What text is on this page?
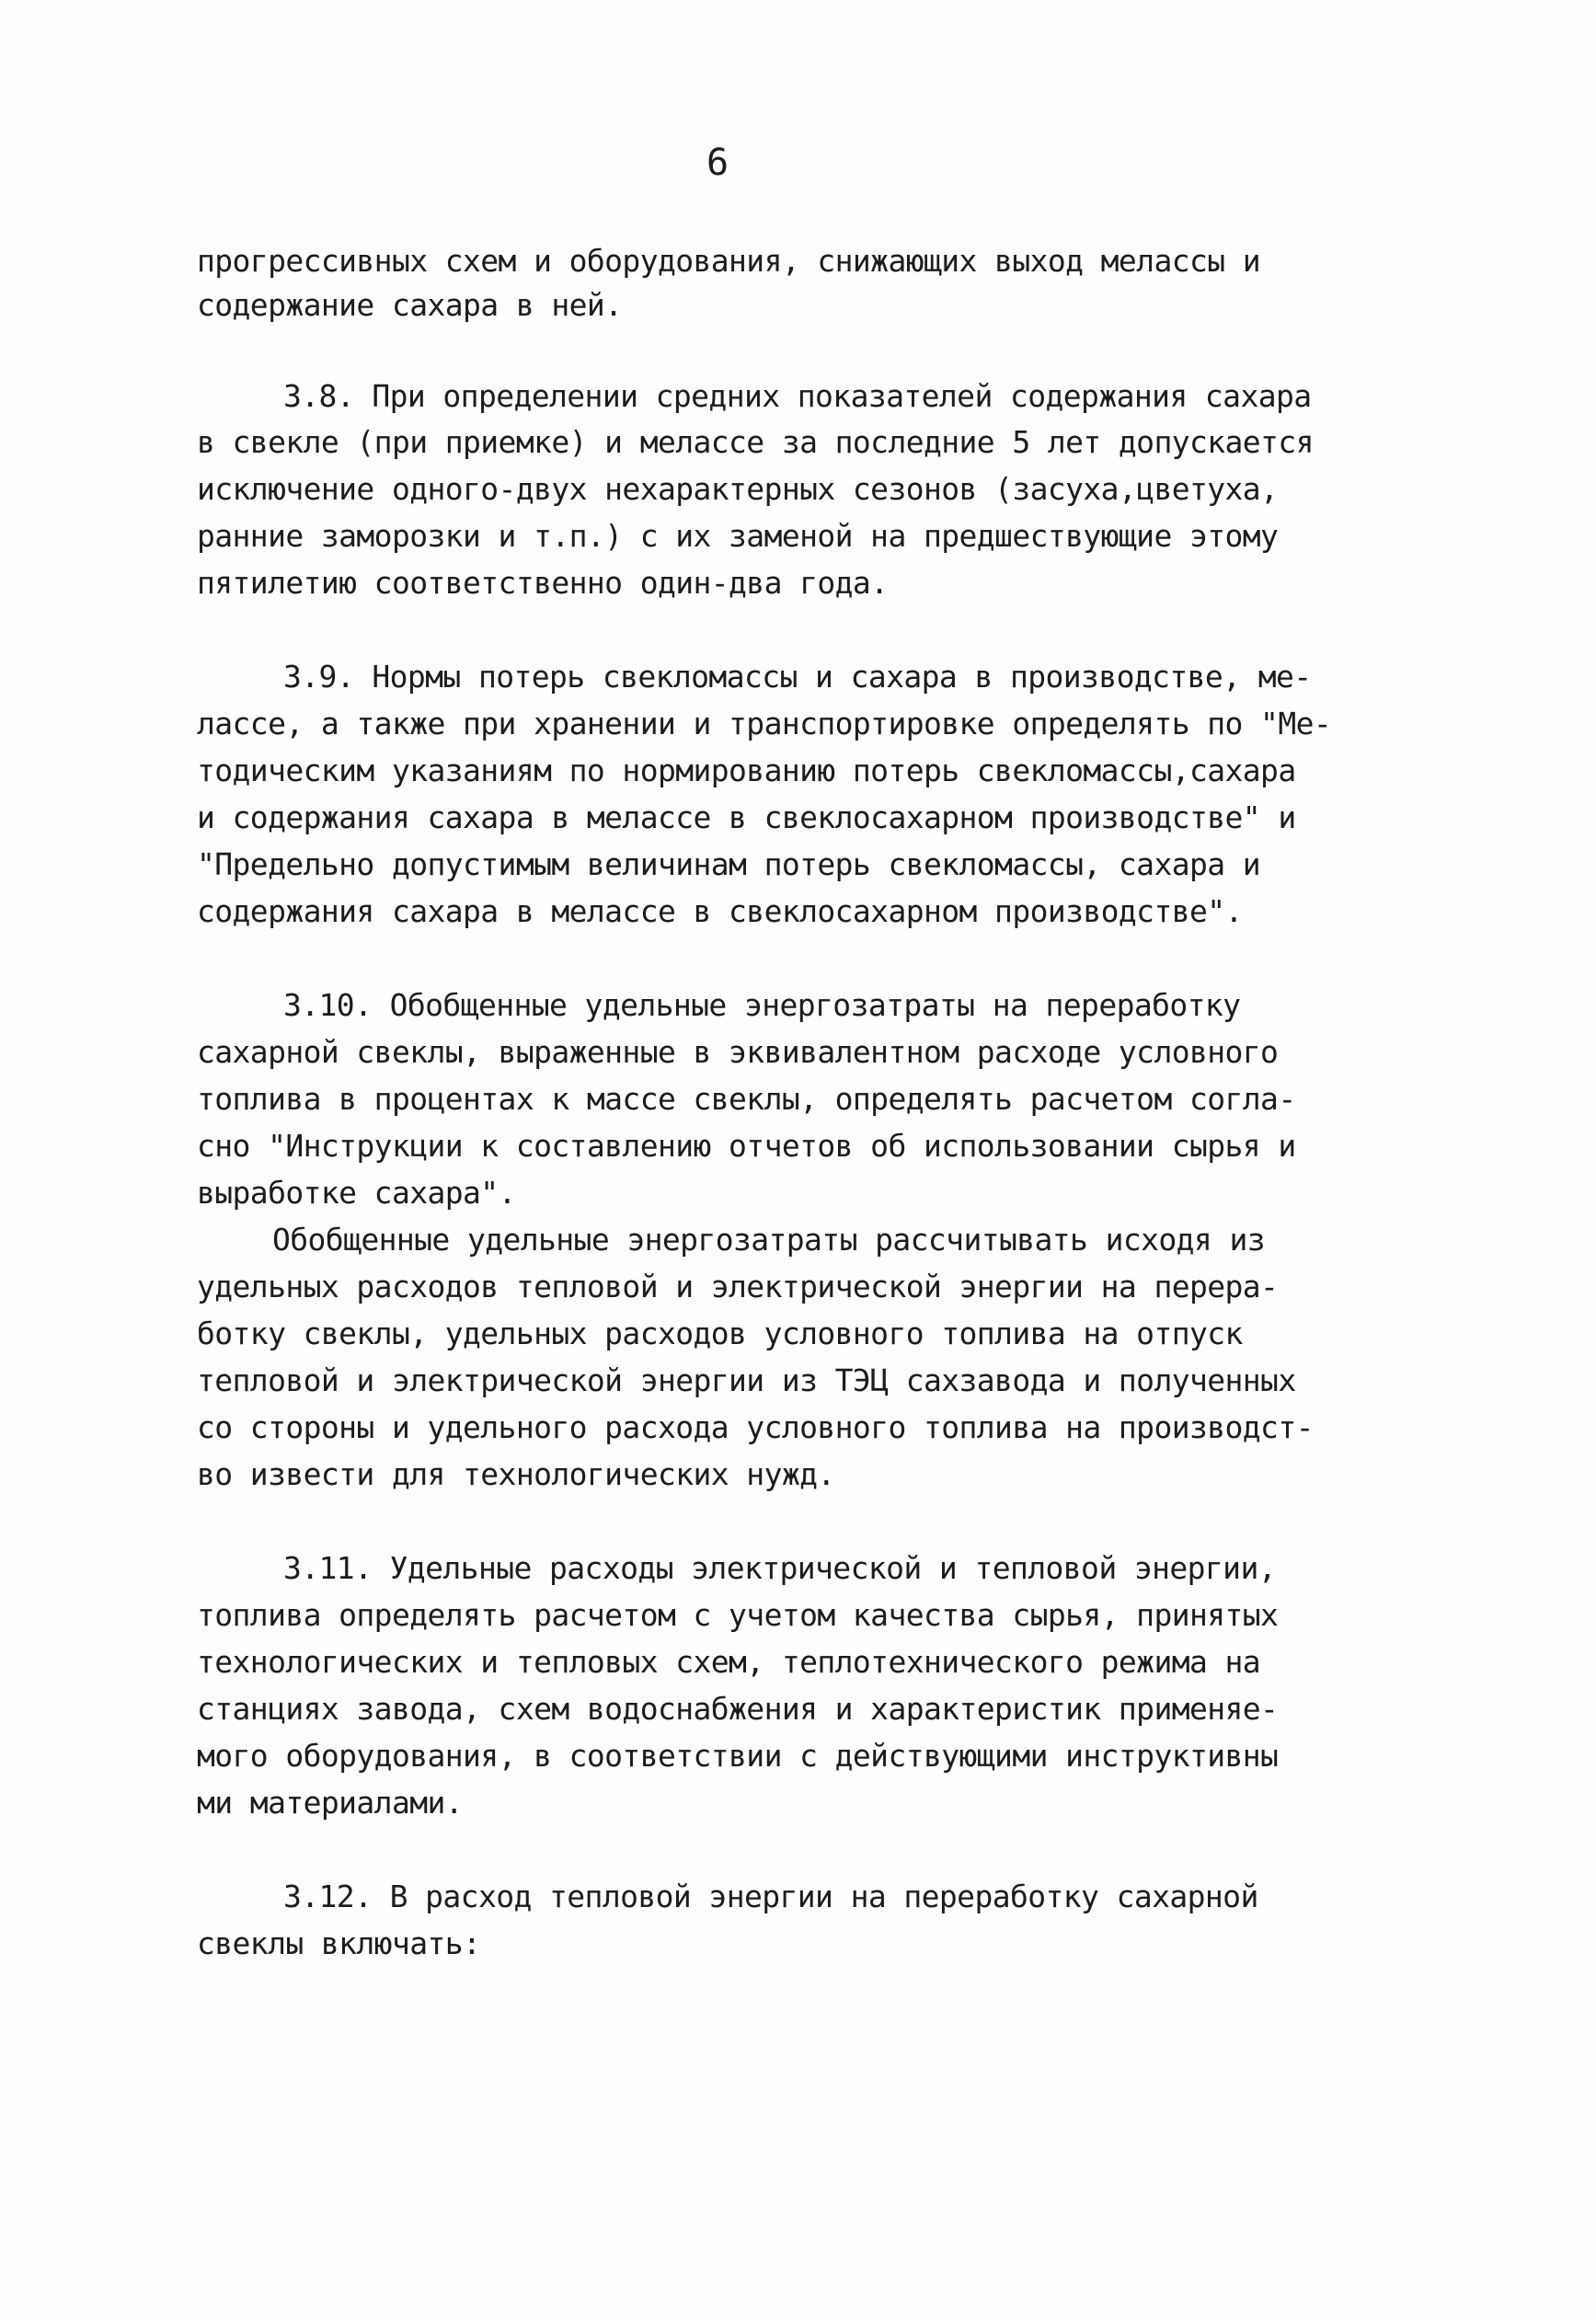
6
прогрессивных схем и оборудования, снижающих выход мелассы и
содержание сахара в ней.
3.8. При определении средних показателей содержания сахара
в свекле (при приемке) и мелассе за последние 5 лет допускается
исключение одного-двух нехарактерных сезонов (засуха,цветуха,
ранние заморозки и т.п.) с их заменой на предшествующие этому
пятилетию соответственно один-два года.
3.9. Нормы потерь свекломассы и сахара в производстве, ме-
лассе, а также при хранении и транспортировке определять по "Ме-
тодическим указаниям по нормированию потерь свекломассы,сахара
и содержания сахара в мелассе в свеклосахарном производстве" и
"Предельно допустимым величинам потерь свекломассы, сахара и
содержания сахара в мелассе в свеклосахарном производстве".
3.10. Обобщенные удельные энергозатраты на переработку
сахарной свеклы, выраженные в эквивалентном расходе условного
топлива в процентах к массе свеклы, определять расчетом согла-
сно "Инструкции к составлению отчетов об использовании сырья и
выработке сахара".
Обобщенные удельные энергозатраты рассчитывать исходя из
удельных расходов тепловой и электрической энергии на перера-
ботку свеклы, удельных расходов условного топлива на отпуск
тепловой и электрической энергии из ТЭЦ сахзавода и полученных
со стороны и удельного расхода условного топлива на производст-
во извести для технологических нужд.
3.11. Удельные расходы электрической и тепловой энергии,
топлива определять расчетом с учетом качества сырья, принятых
технологических и тепловых схем, теплотехнического режима на
станциях завода, схем водоснабжения и характеристик применяе-
мого оборудования, в соответствии с действующими инструктивны
ми материалами.
3.12. В расход тепловой энергии на переработку сахарной
свеклы включать:
